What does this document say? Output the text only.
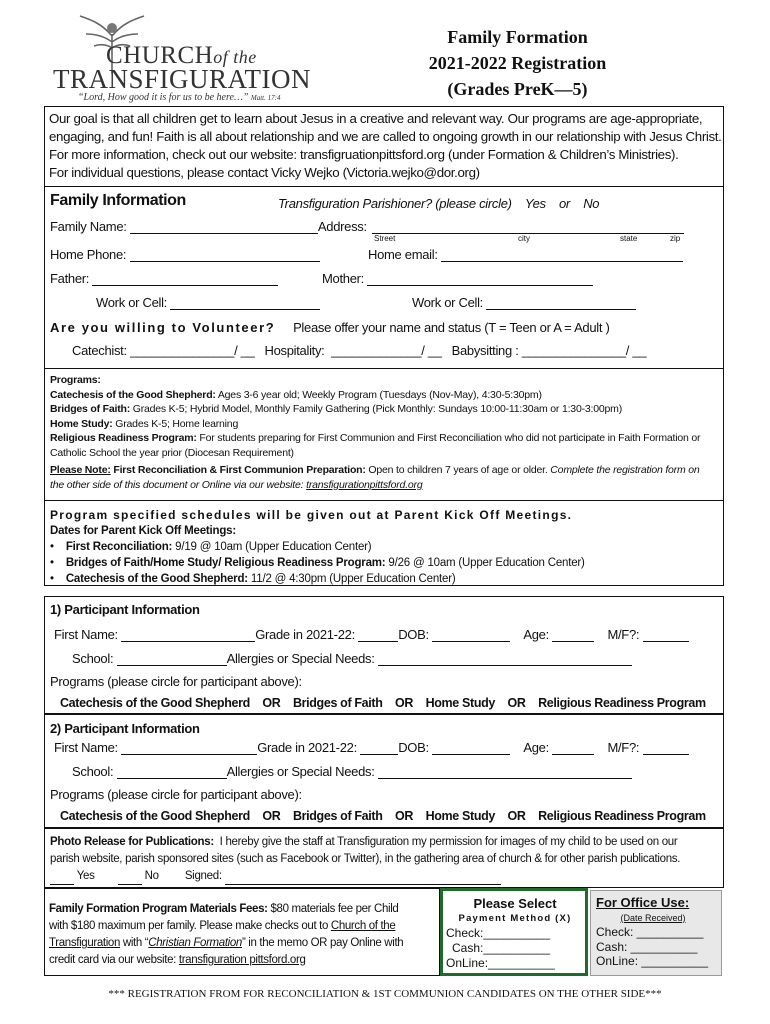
CHURCHof the
TRANSFIGURATION
“Lord, How good it is for us to be here…” Matt. 17:4
Family Formation
2021-2022 Registration
(Grades PreK—5)
Our goal is that all children get to learn about Jesus in a creative and relevant way. Our programs are age-appropriate,
engaging, and fun! Faith is all about relationship and we are called to ongoing growth in our relationship with Jesus Christ.
For more information, check out our website: transfigruationpittsford.org (under Formation & Children’s Ministries).
For individual questions, please contact Vicky Wejko (Victoria.wejko@dor.org)
Family Information	Transfiguration Parishioner? (please circle) Yes or No
Family Name:	Address:
Street	city	state	zip
Home Phone:	Home email:
Father:	Mother:
Work or Cell:	Work or Cell:
Are you willing to Volunteer? Please offer your name and status (T = Teen or A = Adult )
Catechist: _______________/ __ Hospitality: _____________/ __ Babysitting : _______________/ __
Programs:
Catechesis of the Good Shepherd: Ages 3-6 year old; Weekly Program (Tuesdays (Nov-May), 4:30-5:30pm)
Bridges of Faith: Grades K-5; Hybrid Model, Monthly Family Gathering (Pick Monthly: Sundays 10:00-11:30am or 1:30-3:00pm)
Home Study: Grades K-5; Home learning
Religious Readiness Program: For students preparing for First Communion and First Reconciliation who did not participate in Faith Formation or
Catholic School the year prior (Diocesan Requirement)
Please Note: First Reconciliation & First Communion Preparation: Open to children 7 years of age or older. Complete the registration form on
the other side of this document or Online via our website: transfigurationpittsford.org
Program specified schedules will be given out at Parent Kick Off Meetings.
Dates for Parent Kick Off Meetings:
•    First Reconciliation: 9/19 @ 10am (Upper Education Center)
•    Bridges of Faith/Home Study/ Religious Readiness Program: 9/26 @ 10am (Upper Education Center)
•    Catechesis of the Good Shepherd: 11/2 @ 4:30pm (Upper Education Center)
1) Participant Information
First Name:	Grade in 2021-22:	DOB:	Age:	M/F?:
School:	Allergies or Special Needs:
Programs (please circle for participant above):
Catechesis of the Good Shepherd OR Bridges of Faith OR Home Study OR Religious Readiness Program
2) Participant Information
First Name:	Grade in 2021-22:	DOB:	Age:	M/F?:
School:	Allergies or Special Needs:
Programs (please circle for participant above):
Catechesis of the Good Shepherd OR Bridges of Faith OR Home Study OR Religious Readiness Program
Photo Release for Publications: I hereby give the staff at Transfiguration my permission for images of my child to be used on our
parish website, parish sponsored sites (such as Facebook or Twitter), in the gathering area of church & for other parish publications.
Yes	No Signed:
Family Formation Program Materials Fees: $80 materials fee per Child
with $180 maximum per family. Please make checks out to Church of the
Transfiguration with “Christian Formation” in the memo OR pay Online with
credit card via our website: transfiguration pittsford.org
Please Select
Payment Method (X)
Check:__________
Cash:__________
OnLine:__________
For Office Use:
(Date Received)
Check: __________
Cash: __________
OnLine: __________
*** REGISTRATION FROM FOR RECONCILIATION & 1ST COMMUNION CANDIDATES ON THE OTHER SIDE***
